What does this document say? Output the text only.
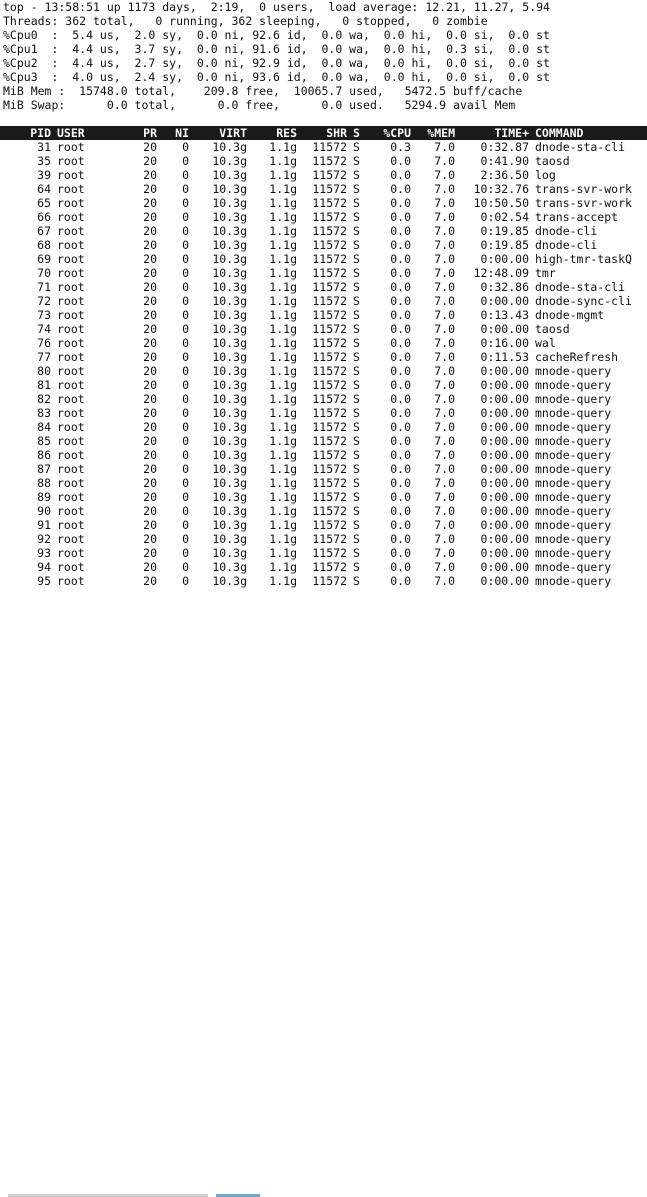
top - 13:58:51 up 1173 days,  2:19,  0 users,  load average: 12.21, 11.27, 5.94
Threads: 362 total,   0 running, 362 sleeping,   0 stopped,   0 zombie
%Cpu0  :  5.4 us,  2.0 sy,  0.0 ni, 92.6 id,  0.0 wa,  0.0 hi,  0.0 si,  0.0 st
%Cpu1  :  4.4 us,  3.7 sy,  0.0 ni, 91.6 id,  0.0 wa,  0.0 hi,  0.3 si,  0.0 st
%Cpu2  :  4.4 us,  2.7 sy,  0.0 ni, 92.9 id,  0.0 wa,  0.0 hi,  0.0 si,  0.0 st
%Cpu3  :  4.0 us,  2.4 sy,  0.0 ni, 93.6 id,  0.0 wa,  0.0 hi,  0.0 si,  0.0 st
MiB Mem :  15748.0 total,    209.8 free,  10065.7 used,   5472.5 buff/cache
MiB Swap:      0.0 total,      0.0 free,      0.0 used.   5294.9 avail Mem
PID USER	PR	NI	VIRT	RES	SHR S	%CPU	%MEM	TIME+ COMMAND
31 root	20	0	10.3g	1.1g	11572 S	0.3	7.0	0:32.87 dnode-sta-cli
35 root	20	0	10.3g	1.1g	11572 S	0.0	7.0	0:41.90 taosd
39 root	20	0	10.3g	1.1g	11572 S	0.0	7.0	2:36.50 log
64 root	20	0	10.3g	1.1g	11572 S	0.0	7.0	10:32.76 trans-svr-work
65 root	20	0	10.3g	1.1g	11572 S	0.0	7.0	10:50.50 trans-svr-work
66 root	20	0	10.3g	1.1g	11572 S	0.0	7.0	0:02.54 trans-accept
67 root	20	0	10.3g	1.1g	11572 S	0.0	7.0	0:19.85 dnode-cli
68 root	20	0	10.3g	1.1g	11572 S	0.0	7.0	0:19.85 dnode-cli
69 root	20	0	10.3g	1.1g	11572 S	0.0	7.0	0:00.00 high-tmr-taskQ
70 root	20	0	10.3g	1.1g	11572 S	0.0	7.0	12:48.09 tmr
71 root	20	0	10.3g	1.1g	11572 S	0.0	7.0	0:32.86 dnode-sta-cli
72 root	20	0	10.3g	1.1g	11572 S	0.0	7.0	0:00.00 dnode-sync-cli
73 root	20	0	10.3g	1.1g	11572 S	0.0	7.0	0:13.43 dnode-mgmt
74 root	20	0	10.3g	1.1g	11572 S	0.0	7.0	0:00.00 taosd
76 root	20	0	10.3g	1.1g	11572 S	0.0	7.0	0:16.00 wal
77 root	20	0	10.3g	1.1g	11572 S	0.0	7.0	0:11.53 cacheRefresh
80 root	20	0	10.3g	1.1g	11572 S	0.0	7.0	0:00.00 mnode-query
81 root	20	0	10.3g	1.1g	11572 S	0.0	7.0	0:00.00 mnode-query
82 root	20	0	10.3g	1.1g	11572 S	0.0	7.0	0:00.00 mnode-query
83 root	20	0	10.3g	1.1g	11572 S	0.0	7.0	0:00.00 mnode-query
84 root	20	0	10.3g	1.1g	11572 S	0.0	7.0	0:00.00 mnode-query
85 root	20	0	10.3g	1.1g	11572 S	0.0	7.0	0:00.00 mnode-query
86 root	20	0	10.3g	1.1g	11572 S	0.0	7.0	0:00.00 mnode-query
87 root	20	0	10.3g	1.1g	11572 S	0.0	7.0	0:00.00 mnode-query
88 root	20	0	10.3g	1.1g	11572 S	0.0	7.0	0:00.00 mnode-query
89 root	20	0	10.3g	1.1g	11572 S	0.0	7.0	0:00.00 mnode-query
90 root	20	0	10.3g	1.1g	11572 S	0.0	7.0	0:00.00 mnode-query
91 root	20	0	10.3g	1.1g	11572 S	0.0	7.0	0:00.00 mnode-query
92 root	20	0	10.3g	1.1g	11572 S	0.0	7.0	0:00.00 mnode-query
93 root	20	0	10.3g	1.1g	11572 S	0.0	7.0	0:00.00 mnode-query
94 root	20	0	10.3g	1.1g	11572 S	0.0	7.0	0:00.00 mnode-query
95 root	20	0	10.3g	1.1g	11572 S	0.0	7.0	0:00.00 mnode-query
